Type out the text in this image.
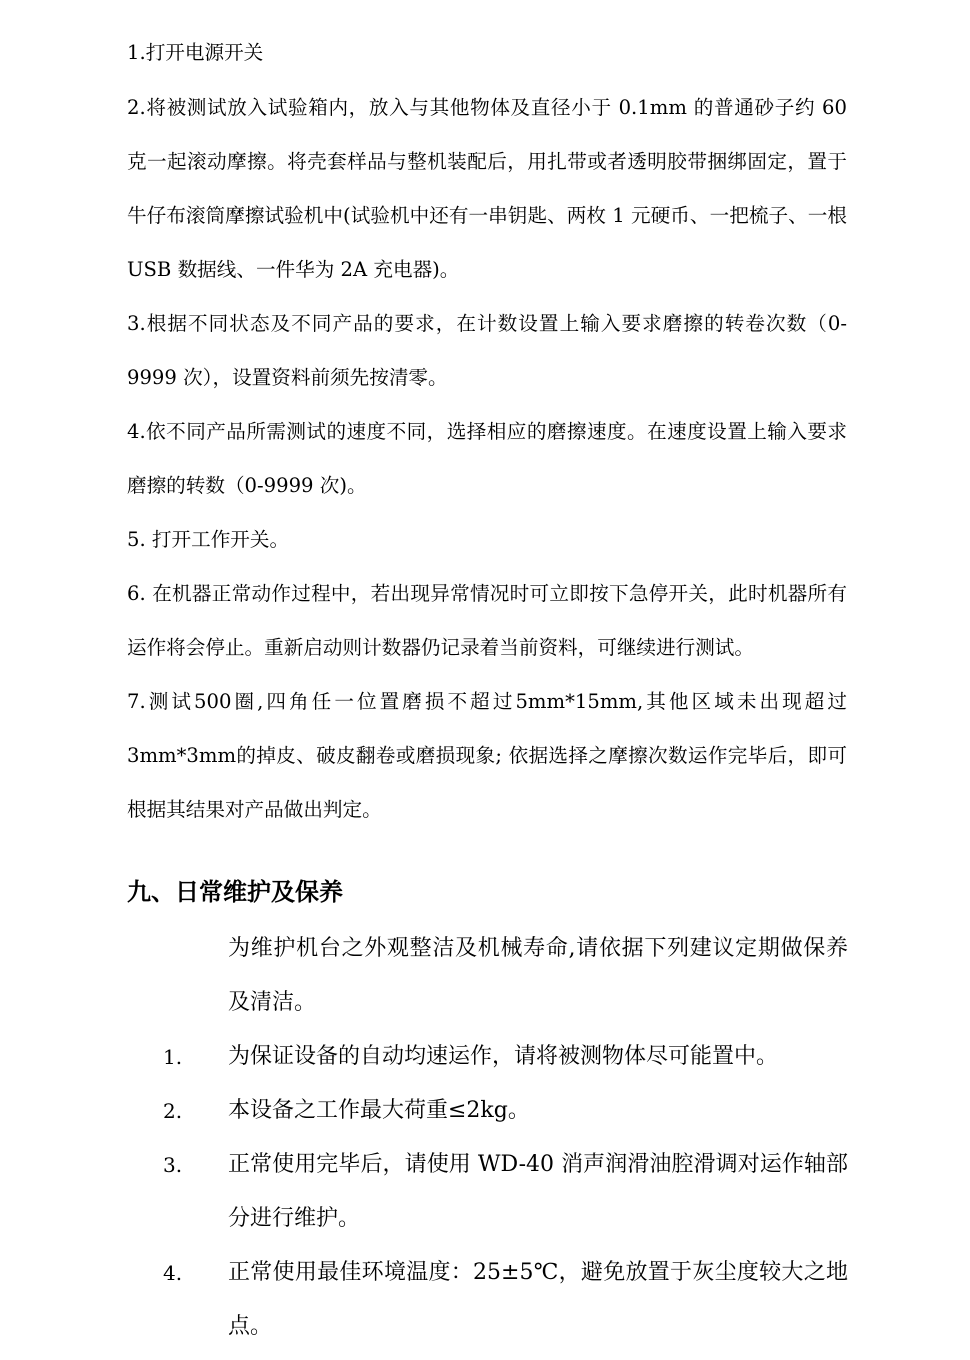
1.打开电源开关

2.将被测试放入试验箱内，放入与其他物体及直径小于 0.1mm 的普通砂子约 60 克一起滚动摩擦。将壳套样品与整机装配后，用扎带或者透明胶带捆绑固定，置于牛仔布滚筒摩擦试验机中(试验机中还有一串钥匙、两枚 1 元硬币、一把梳子、一根 USB 数据线、一件华为 2A 充电器)。

3.根据不同状态及不同产品的要求，在计数设置上输入要求磨擦的转卷次数（0-9999 次），设置资料前须先按清零。

4.依不同产品所需测试的速度不同，选择相应的磨擦速度。在速度设置上输入要求磨擦的转数（0-9999 次)。

5. 打开工作开关。

6. 在机器正常动作过程中，若出现异常情况时可立即按下急停开关，此时机器所有运作将会停止。重新启动则计数器仍记录着当前资料，可继续进行测试。

7.测试500圈,四角任一位置磨损不超过5mm*15mm,其他区域未出现超过3mm*3mm的掉皮、破皮翻卷或磨损现象; 依据选择之摩擦次数运作完毕后，即可根据其结果对产品做出判定。

九、日常维护及保养

为维护机台之外观整洁及机械寿命,请依据下列建议定期做保养及清洁。

1.	为保证设备的自动均速运作，请将被测物体尽可能置中。

2.	本设备之工作最大荷重≤2kg。

3.	正常使用完毕后，请使用 WD-40 消声润滑油腔滑调对运作轴部分进行维护。

4.	正常使用最佳环境温度：25±5℃，避免放置于灰尘度较大之地点。
